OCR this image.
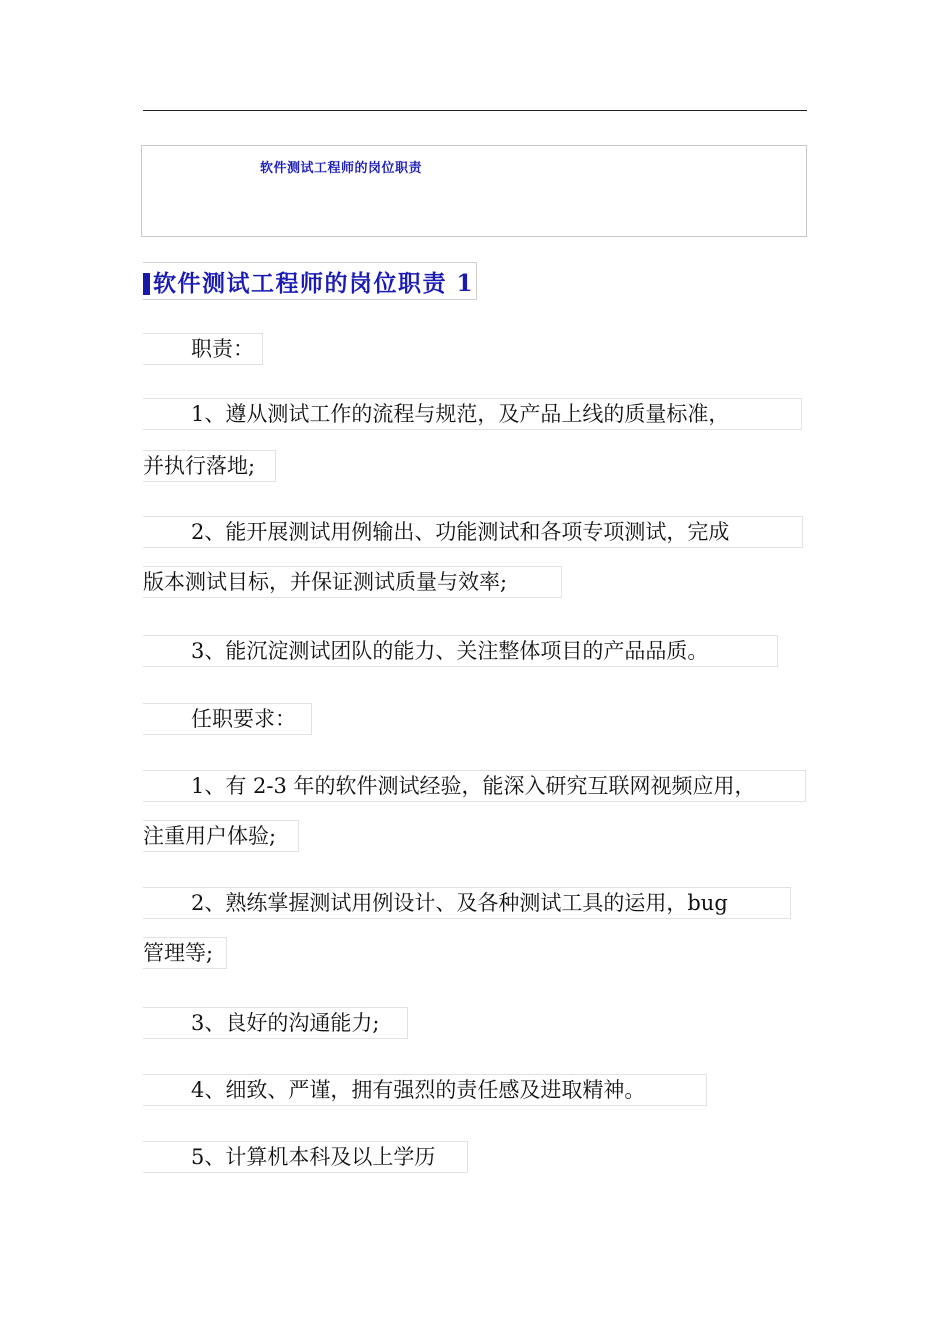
软件测试工程师的岗位职责
软件测试工程师的岗位职责 1
职责：
1、遵从测试工作的流程与规范，及产品上线的质量标准，
并执行落地;
2、能开展测试用例输出、功能测试和各项专项测试，完成
版本测试目标，并保证测试质量与效率;
3、能沉淀测试团队的能力、关注整体项目的产品品质。
任职要求：
1、有 2-3 年的软件测试经验，能深入研究互联网视频应用，
注重用户体验;
2、熟练掌握测试用例设计、及各种测试工具的运用，bug
管理等;
3、良好的沟通能力;
4、细致、严谨，拥有强烈的责任感及进取精神。
5、计算机本科及以上学历
